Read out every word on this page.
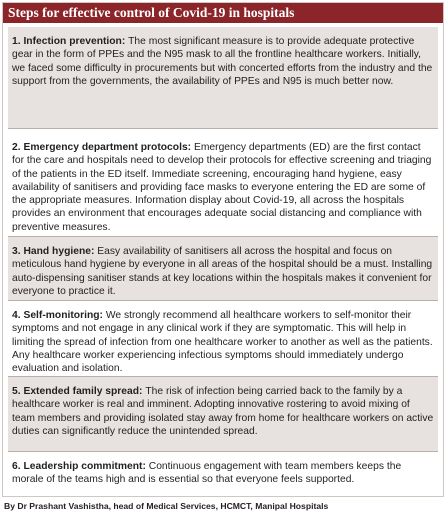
Steps for effective control of Covid-19 in hospitals
1. Infection prevention: The most significant measure is to provide adequate protective gear in the form of PPEs and the N95 mask to all the frontline healthcare workers. Initially, we faced some difficulty in procurements but with concerted efforts from the industry and the support from the governments, the availability of PPEs and N95 is much better now.
2. Emergency department protocols: Emergency departments (ED) are the first contact for the care and hospitals need to develop their protocols for effective screening and triaging of the patients in the ED itself. Immediate screening, encouraging hand hygiene, easy availability of sanitisers and providing face masks to everyone entering the ED are some of the appropriate measures. Information display about Covid-19, all across the hospitals provides an environment that encourages adequate social distancing and compliance with preventive measures.
3. Hand hygiene: Easy availability of sanitisers all across the hospital and focus on meticulous hand hygiene by everyone in all areas of the hospital should be a must. Installing auto-dispensing sanitiser stands at key locations within the hospitals makes it convenient for everyone to practice it.
4. Self-monitoring: We strongly recommend all healthcare workers to self-monitor their symptoms and not engage in any clinical work if they are symptomatic. This will help in limiting the spread of infection from one healthcare worker to another as well as the patients. Any healthcare worker experiencing infectious symptoms should immediately undergo evaluation and isolation.
5. Extended family spread: The risk of infection being carried back to the family by a healthcare worker is real and imminent. Adopting innovative rostering to avoid mixing of team members and providing isolated stay away from home for healthcare workers on active duties can significantly reduce the unintended spread.
6. Leadership commitment: Continuous engagement with team members keeps the morale of the teams high and is essential so that everyone feels supported.
By Dr Prashant Vashistha, head of Medical Services, HCMCT, Manipal Hospitals
